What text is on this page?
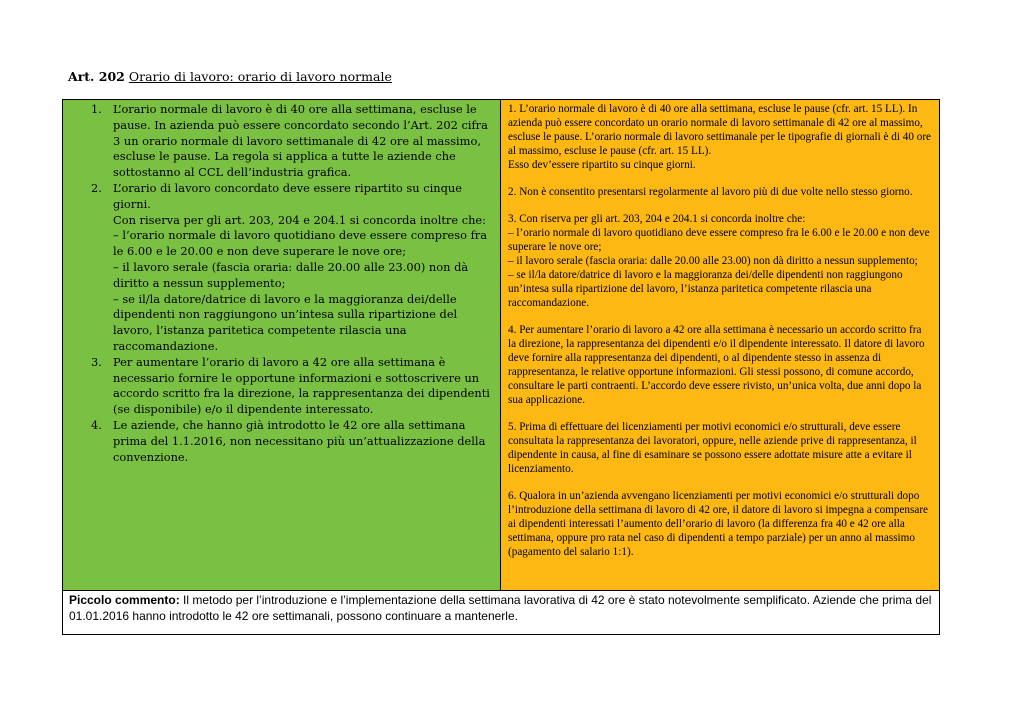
Art. 202 Orario di lavoro: orario di lavoro normale
1. L’orario normale di lavoro è di 40 ore alla settimana, escluse le pause. In azienda può essere concordato secondo l’Art. 202 cifra 3 un orario normale di lavoro settimanale di 42 ore al massimo, escluse le pause. La regola si applica a tutte le aziende che sottostanno al CCL dell’industria grafica.
2. L’orario di lavoro concordato deve essere ripartito su cinque giorni.
Con riserva per gli art. 203, 204 e 204.1 si concorda inoltre che:
– l’orario normale di lavoro quotidiano deve essere compreso fra le 6.00 e le 20.00 e non deve superare le nove ore;
– il lavoro serale (fascia oraria: dalle 20.00 alle 23.00) non dà diritto a nessun supplemento;
– se il/la datore/datrice di lavoro e la maggioranza dei/delle dipendenti non raggiungono un’intesa sulla ripartizione del lavoro, l’istanza paritetica competente rilascia una raccomandazione.
3. Per aumentare l’orario di lavoro a 42 ore alla settimana è necessario fornire le opportune informazioni e sottoscrivere un accordo scritto fra la direzione, la rappresentanza dei dipendenti (se disponibile) e/o il dipendente interessato.
4. Le aziende, che hanno già introdotto le 42 ore alla settimana prima del 1.1.2016, non necessitano più un’attualizzazione della convenzione.

1. L’orario normale di lavoro è di 40 ore alla settimana, escluse le pause (cfr. art. 15 LL). In azienda può essere concordato un orario normale di lavoro settimanale di 42 ore al massimo, escluse le pause. L’orario normale di lavoro settimanale per le tipografie di giornali è di 40 ore al massimo, escluse le pause (cfr. art. 15 LL).
Esso dev’essere ripartito su cinque giorni.

2. Non è consentito presentarsi regolarmente al lavoro più di due volte nello stesso giorno.

3. Con riserva per gli art. 203, 204 e 204.1 si concorda inoltre che:
– l’orario normale di lavoro quotidiano deve essere compreso fra le 6.00 e le 20.00 e non deve superare le nove ore;
– il lavoro serale (fascia oraria: dalle 20.00 alle 23.00) non dà diritto a nessun supplemento;
– se il/la datore/datrice di lavoro e la maggioranza dei/delle dipendenti non raggiungono un’intesa sulla ripartizione del lavoro, l’istanza paritetica competente rilascia una raccomandazione.

4. Per aumentare l’orario di lavoro a 42 ore alla settimana è necessario un accordo scritto fra la direzione, la rappresentanza dei dipendenti e/o il dipendente interessato. Il datore di lavoro deve fornire alla rappresentanza dei dipendenti, o al dipendente stesso in assenza di rappresentanza, le relative opportune informazioni. Gli stessi possono, di comune accordo, consultare le parti contraenti. L’accordo deve essere rivisto, un’unica volta, due anni dopo la sua applicazione.

5. Prima di effettuare dei licenziamenti per motivi economici e/o strutturali, deve essere consultata la rappresentanza dei lavoratori, oppure, nelle aziende prive di rappresentanza, il dipendente in causa, al fine di esaminare se possono essere adottate misure atte a evitare il licenziamento.

6. Qualora in un’azienda avvengano licenziamenti per motivi economici e/o strutturali dopo l’introduzione della settimana di lavoro di 42 ore, il datore di lavoro si impegna a compensare ai dipendenti interessati l’aumento dell’orario di lavoro (la differenza fra 40 e 42 ore alla settimana, oppure pro rata nel caso di dipendenti a tempo parziale) per un anno al massimo (pagamento del salario 1:1).

Piccolo commento: Il metodo per l’introduzione e l’implementazione della settimana lavorativa di 42 ore è stato notevolmente semplificato. Aziende che prima del 01.01.2016 hanno introdotto le 42 ore settimanali, possono continuare a mantenerle.
